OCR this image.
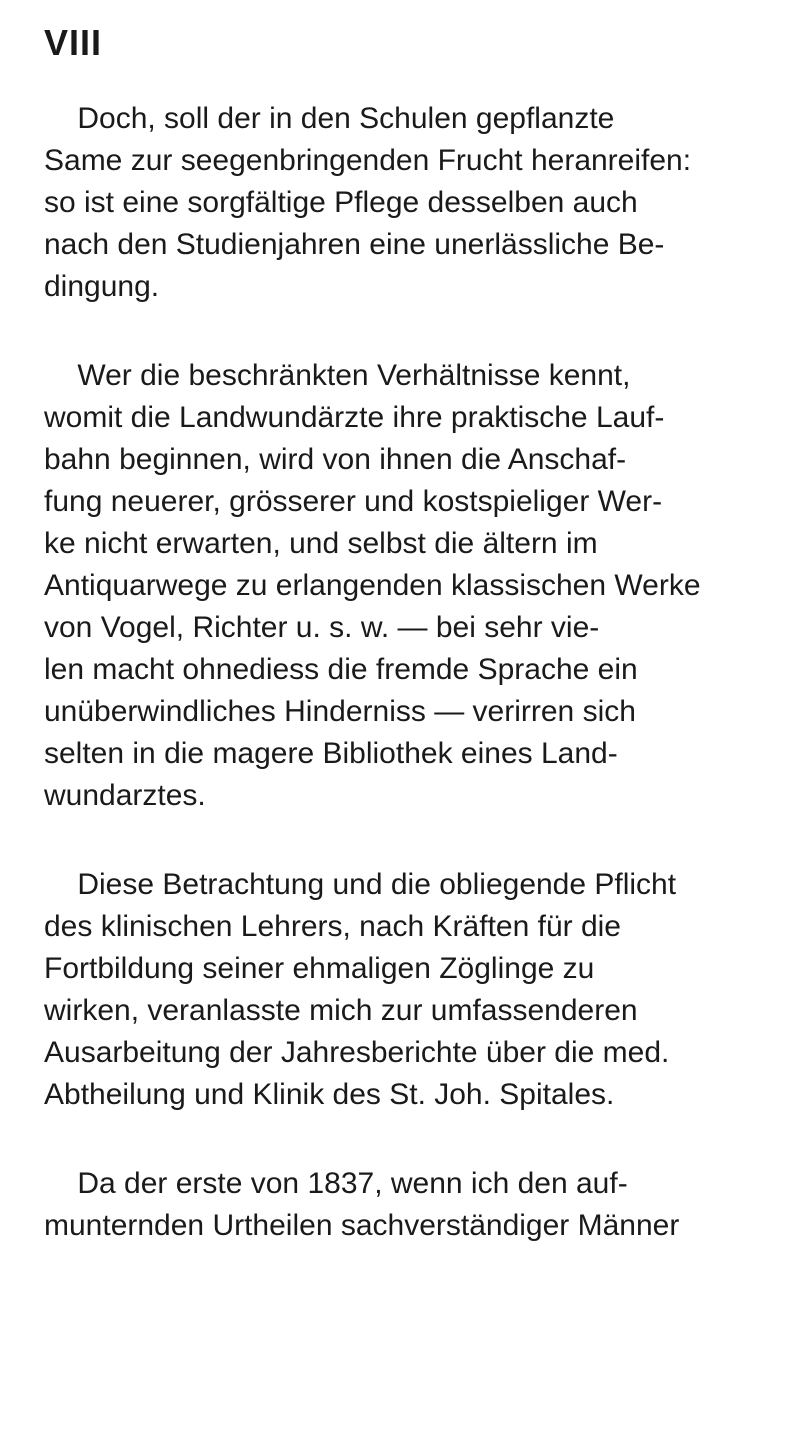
VIII
Doch, soll der in den Schulen gepflanzte
Same zur seegenbringenden Frucht heranreifen:
so ist eine sorgfältige Pflege desselben auch
nach den Studienjahren eine unerlässliche Be-
dingung.
Wer die beschränkten Verhältnisse kennt,
womit die Landwundärzte ihre praktische Lauf-
bahn beginnen, wird von ihnen die Anschaf-
fung neuerer, grösserer und kostspieliger Wer-
ke nicht erwarten, und selbst die ältern im
Antiquarwege zu erlangenden klassischen Werke
von Vogel, Richter u. s. w. — bei sehr vie-
len macht ohnediess die fremde Sprache ein
unüberwindliches Hinderniss — verirren sich
selten in die magere Bibliothek eines Land-
wundarztes.
Diese Betrachtung und die obliegende Pflicht
des klinischen Lehrers, nach Kräften für die
Fortbildung seiner ehmaligen Zöglinge zu
wirken, veranlasste mich zur umfassenderen
Ausarbeitung der Jahresberichte über die med.
Abtheilung und Klinik des St. Joh. Spitales.
Da der erste von 1837, wenn ich den auf-
munternden Urtheilen sachverständiger Männer
